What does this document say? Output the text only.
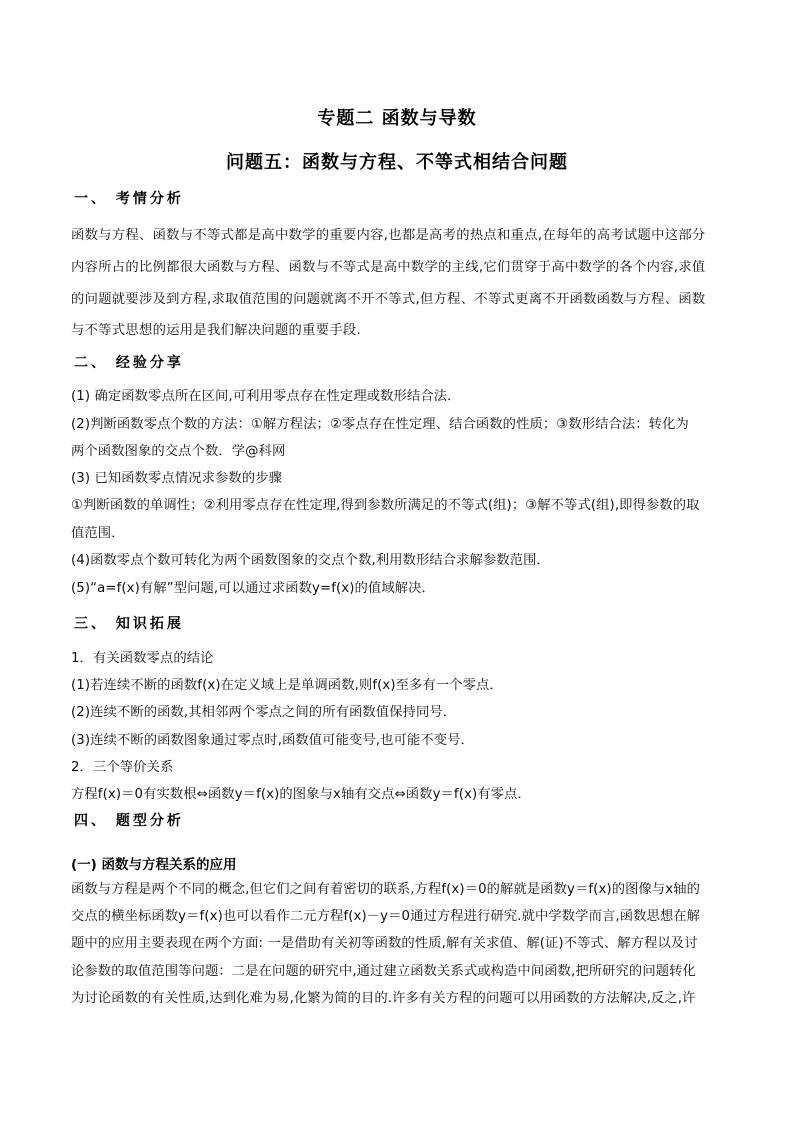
专题二 函数与导数
问题五：函数与方程、不等式相结合问题
一、 考情分析
函数与方程、函数与不等式都是高中数学的重要内容,也都是高考的热点和重点,在每年的高考试题中这部分
内容所占的比例都很大函数与方程、函数与不等式是高中数学的主线,它们贯穿于高中数学的各个内容,求值
的问题就要涉及到方程,求取值范围的问题就离不开不等式,但方程、不等式更离不开函数函数与方程、函数
与不等式思想的运用是我们解决问题的重要手段.
二、 经验分享
(1) 确定函数零点所在区间,可利用零点存在性定理或数形结合法．
(2)判断函数零点个数的方法：①解方程法；②零点存在性定理、结合函数的性质；③数形结合法：转化为
两个函数图象的交点个数．学@科网
(3) 已知函数零点情况求参数的步骤
①判断函数的单调性；②利用零点存在性定理,得到参数所满足的不等式(组)；③解不等式(组),即得参数的取
值范围．
(4)函数零点个数可转化为两个函数图象的交点个数,利用数形结合求解参数范围．
(5)“a=f(x)有解”型问题,可以通过求函数y=f(x)的值域解决．
三、 知识拓展
1．有关函数零点的结论
(1)若连续不断的函数f(x)在定义域上是单调函数,则f(x)至多有一个零点．
(2)连续不断的函数,其相邻两个零点之间的所有函数值保持同号．
(3)连续不断的函数图象通过零点时,函数值可能变号,也可能不变号．
2．三个等价关系
方程f(x)＝0有实数根⇔函数y＝f(x)的图象与x轴有交点⇔函数y＝f(x)有零点．
四、 题型分析
(一) 函数与方程关系的应用
函数与方程是两个不同的概念,但它们之间有着密切的联系,方程f(x)＝0的解就是函数y＝f(x)的图像与x轴的
交点的横坐标函数y＝f(x)也可以看作二元方程f(x)－y＝0通过方程进行研究.就中学数学而言,函数思想在解
题中的应用主要表现在两个方面: 一是借助有关初等函数的性质,解有关求值、解(证)不等式、解方程以及讨
论参数的取值范围等问题：二是在问题的研究中,通过建立函数关系式或构造中间函数,把所研究的问题转化
为讨论函数的有关性质,达到化难为易,化繁为简的目的.许多有关方程的问题可以用函数的方法解决,反之,许
